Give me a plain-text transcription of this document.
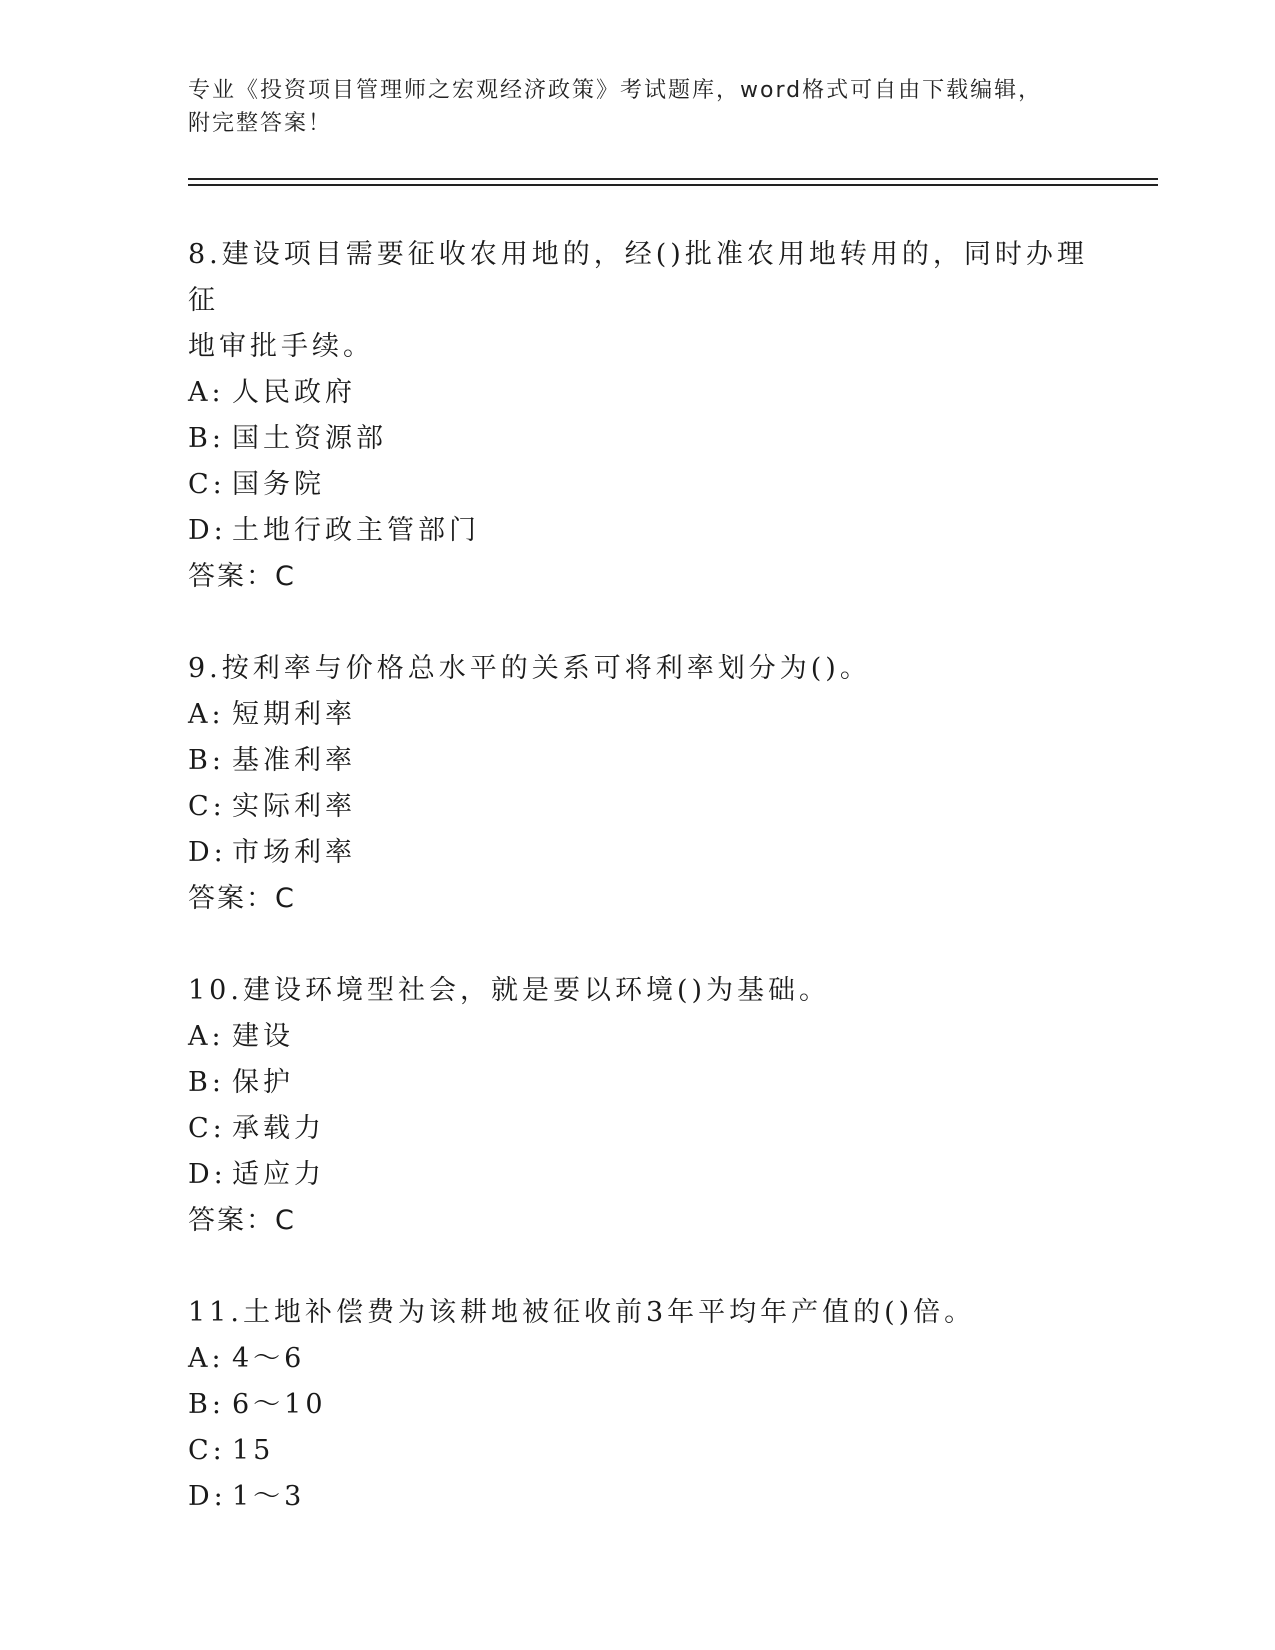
专业《投资项目管理师之宏观经济政策》考试题库，word格式可自由下载编辑，
附完整答案！
8.建设项目需要征收农用地的，经()批准农用地转用的，同时办理征
地审批手续。
A: 人民政府
B: 国土资源部
C: 国务院
D: 土地行政主管部门
答案：C
9.按利率与价格总水平的关系可将利率划分为()。
A: 短期利率
B: 基准利率
C: 实际利率
D: 市场利率
答案：C
10.建设环境型社会，就是要以环境()为基础。
A: 建设
B: 保护
C: 承载力
D: 适应力
答案：C
11.土地补偿费为该耕地被征收前3年平均年产值的()倍。
A: 4～6
B: 6～10
C: 15
D: 1～3
